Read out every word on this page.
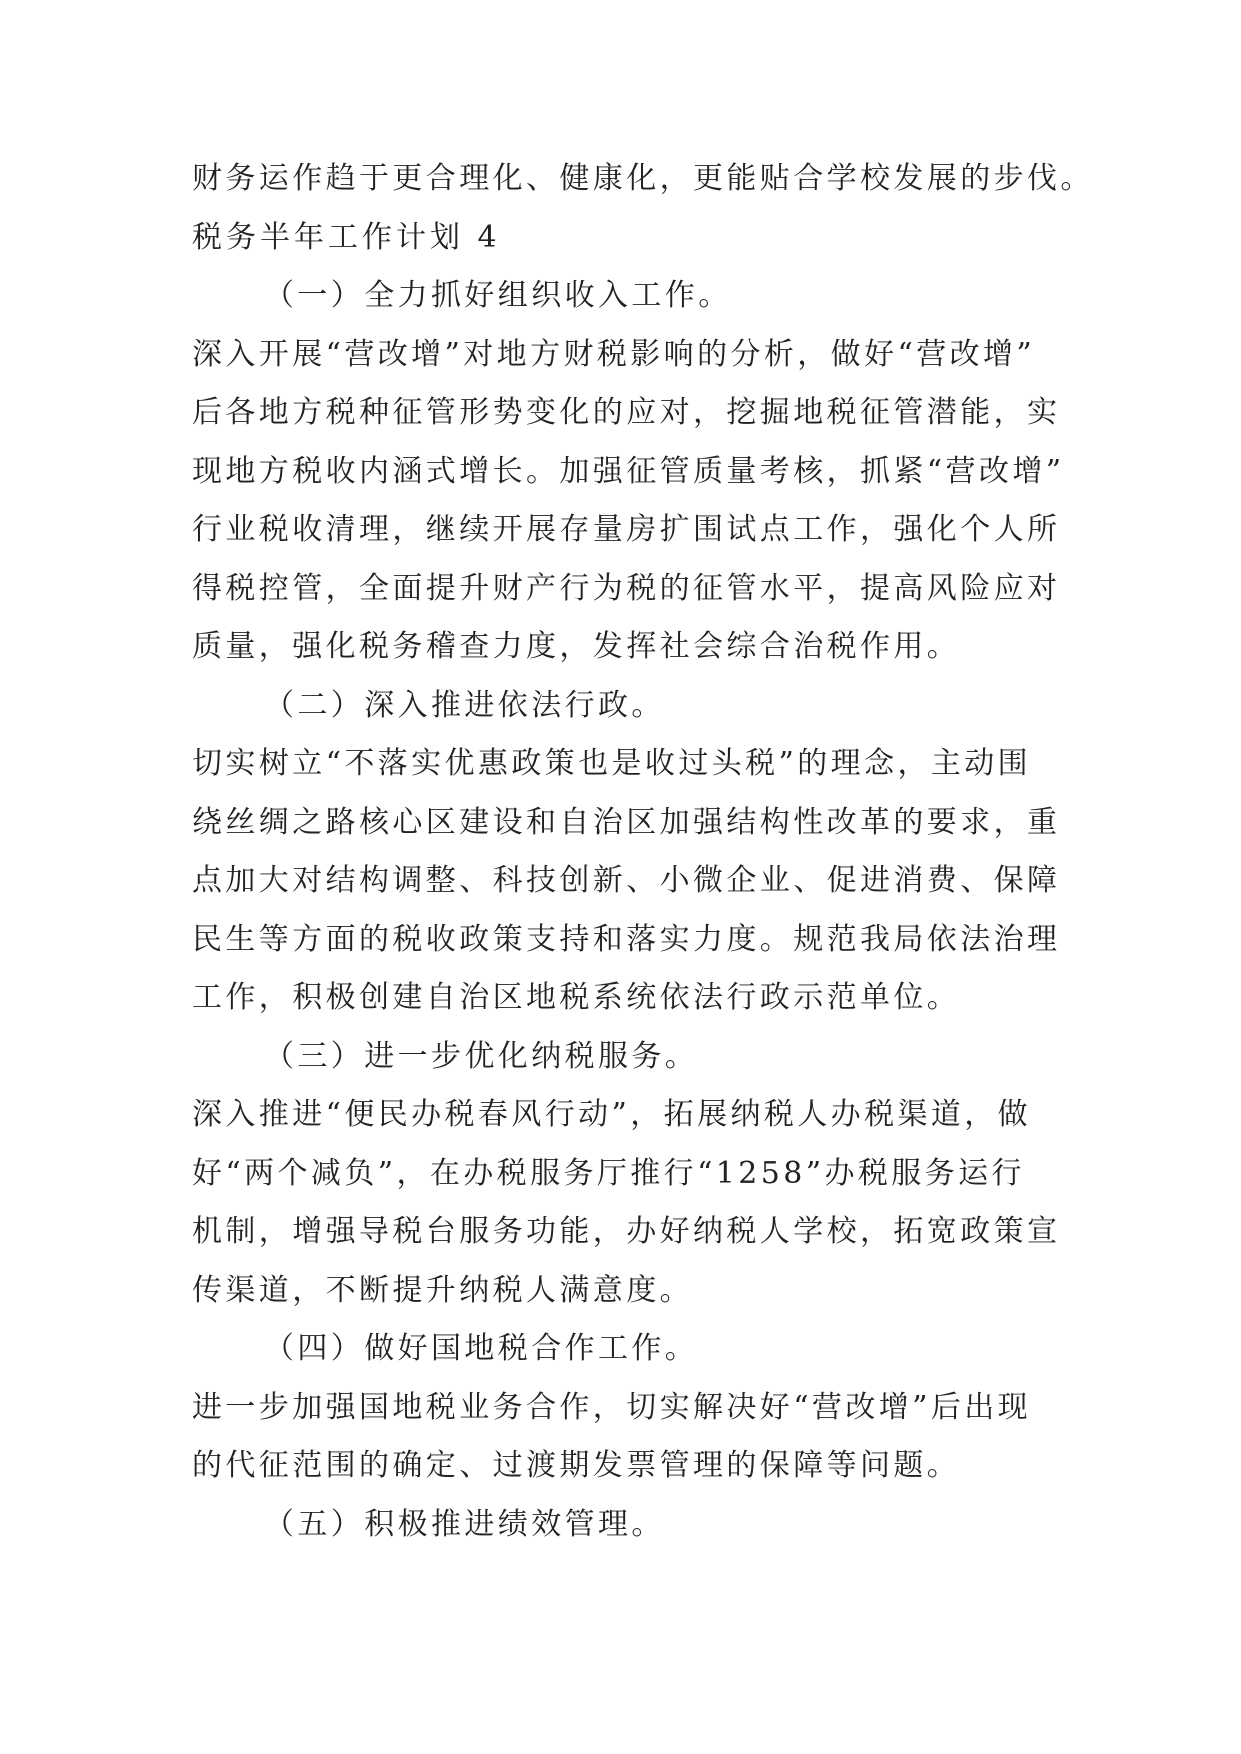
财务运作趋于更合理化、健康化，更能贴合学校发展的步伐。
税务半年工作计划 4
（一）全力抓好组织收入工作。
深入开展“营改增”对地方财税影响的分析，做好“营改增”
后各地方税种征管形势变化的应对，挖掘地税征管潜能，实
现地方税收内涵式增长。加强征管质量考核，抓紧“营改增”
行业税收清理，继续开展存量房扩围试点工作，强化个人所
得税控管，全面提升财产行为税的征管水平，提高风险应对
质量，强化税务稽查力度，发挥社会综合治税作用。
（二）深入推进依法行政。
切实树立“不落实优惠政策也是收过头税”的理念，主动围
绕丝绸之路核心区建设和自治区加强结构性改革的要求，重
点加大对结构调整、科技创新、小微企业、促进消费、保障
民生等方面的税收政策支持和落实力度。规范我局依法治理
工作，积极创建自治区地税系统依法行政示范单位。
（三）进一步优化纳税服务。
深入推进“便民办税春风行动”，拓展纳税人办税渠道，做
好“两个减负”，在办税服务厅推行“1258”办税服务运行
机制，增强导税台服务功能，办好纳税人学校，拓宽政策宣
传渠道，不断提升纳税人满意度。
（四）做好国地税合作工作。
进一步加强国地税业务合作，切实解决好“营改增”后出现
的代征范围的确定、过渡期发票管理的保障等问题。
（五）积极推进绩效管理。
